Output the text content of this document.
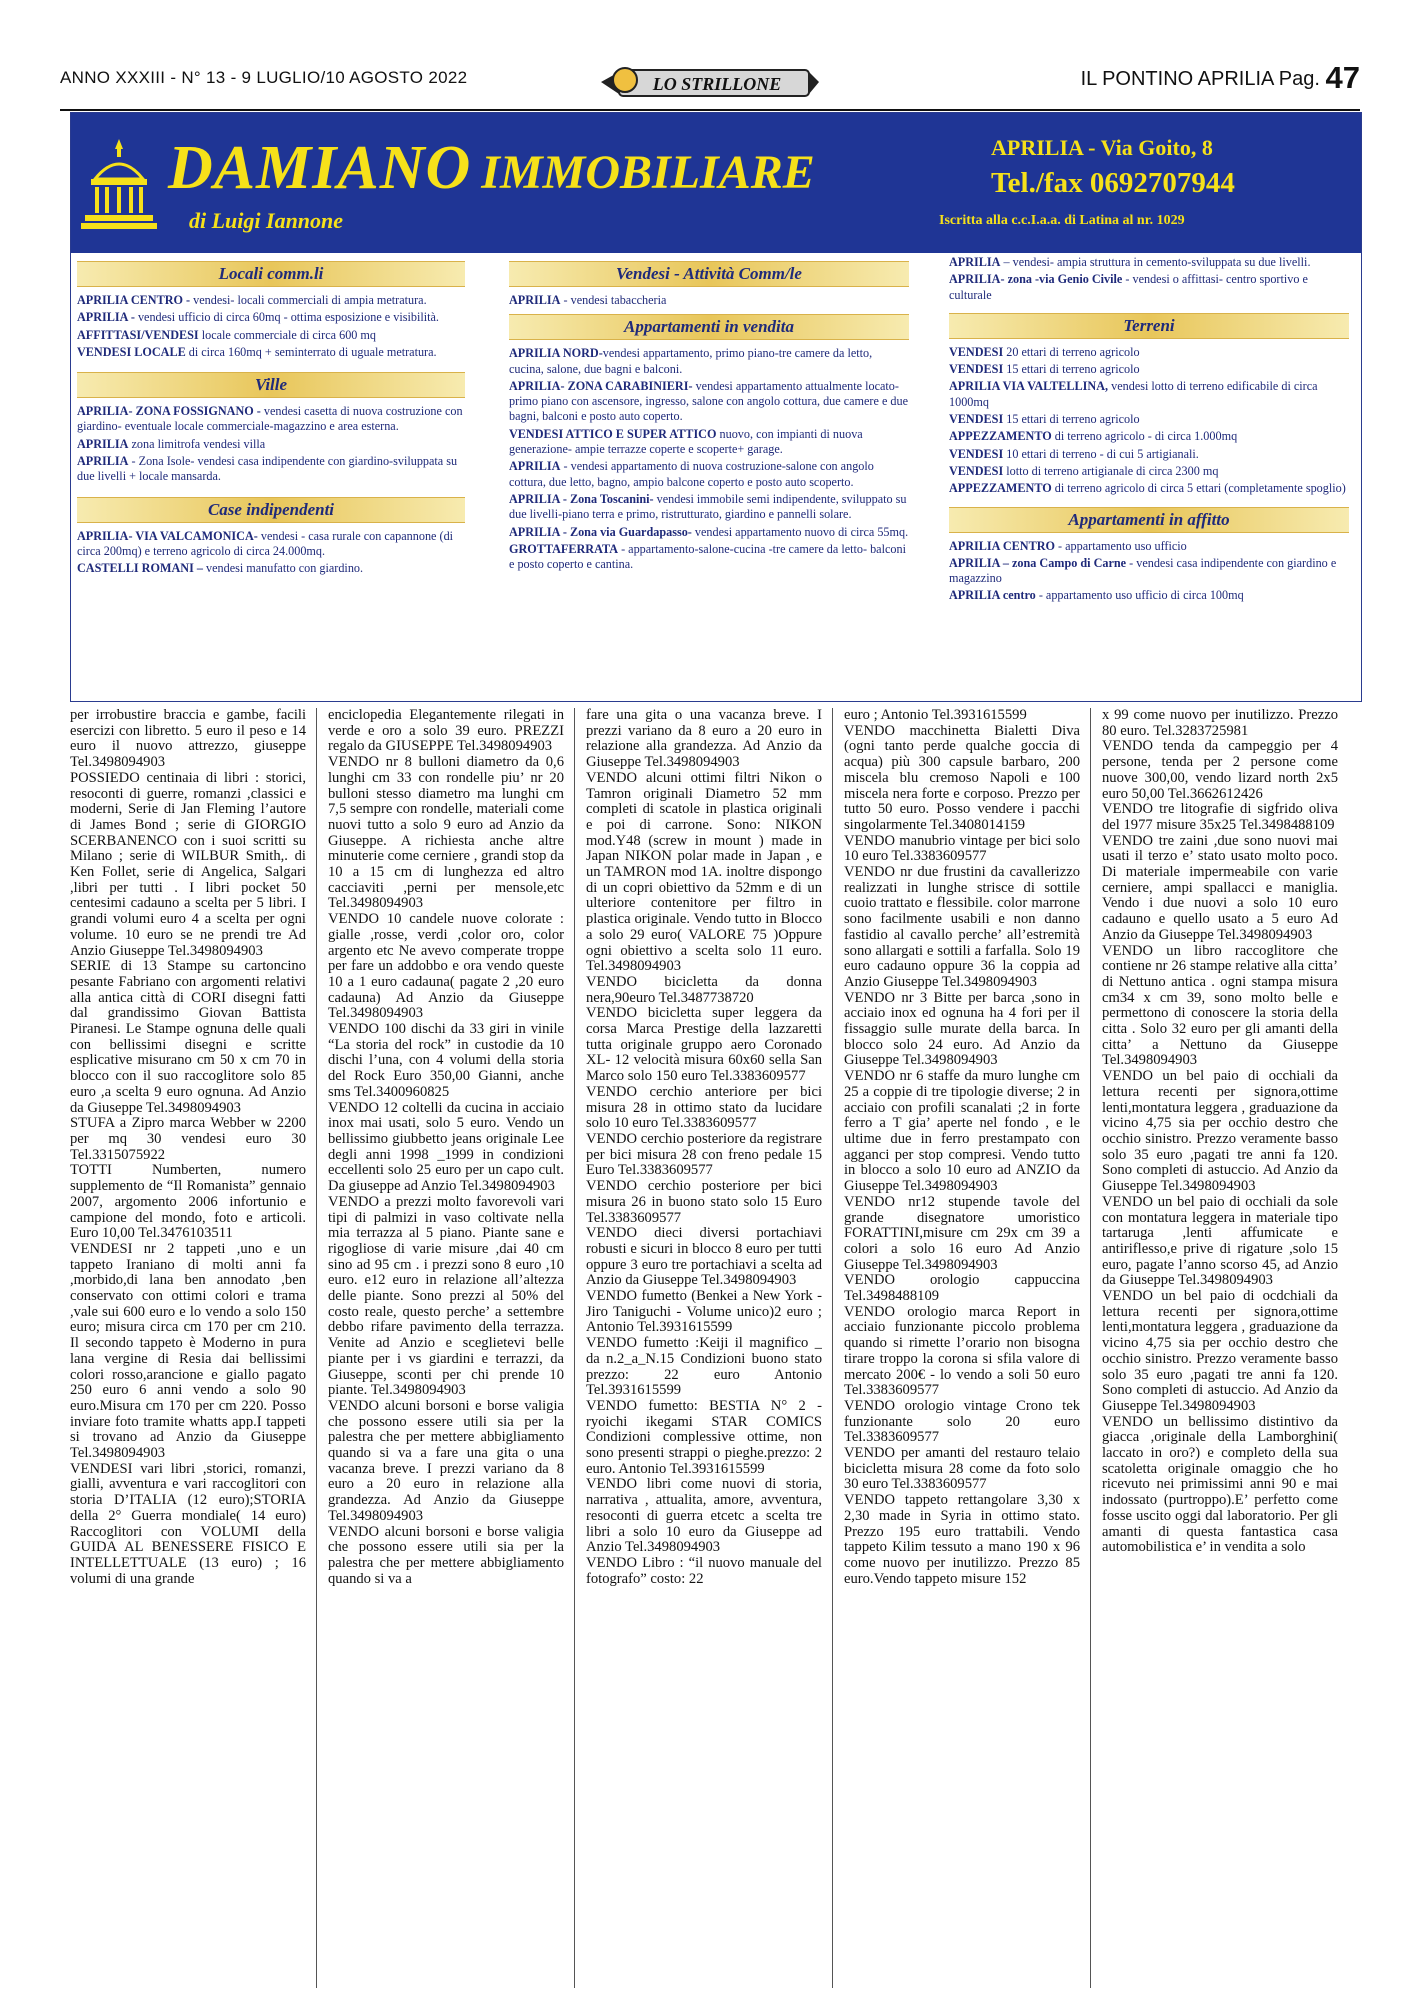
ANNO XXXIII - N° 13 - 9 LUGLIO/10 AGOSTO 2022	LO STRILLONE	IL PONTINO APRILIA Pag. 47
DAMIANO IMMOBILIARE
di Luigi Iannone
APRILIA - Via Goito, 8
Tel./fax 0692707944
Iscritta alla c.c.I.a.a. di Latina al nr. 1029
Locali comm.li

APRILIA CENTRO - vendesi- locali commerciali di ampia metratura.

APRILIA - vendesi ufficio di circa 60mq - ottima esposizione e visibilità.

AFFITTASI/VENDESI locale commerciale di circa 600 mq

VENDESI LOCALE di circa 160mq + seminterrato di uguale metratura.

Ville

APRILIA- ZONA FOSSIGNANO - vendesi casetta di nuova costruzione con giardino- eventuale locale commerciale-magazzino e area esterna.

APRILIA zona limitrofa vendesi villa

APRILIA - Zona Isole- vendesi casa indipendente con giardino-sviluppata su due livelli + locale mansarda.

Case indipendenti

APRILIA- VIA VALCAMONICA- vendesi - casa rurale con capannone (di circa 200mq) e terreno agricolo di circa 24.000mq.

CASTELLI ROMANI – vendesi manufatto con giardino.

Vendesi - Attività Comm/le

APRILIA - vendesi tabaccheria

Appartamenti in vendita

APRILIA NORD-vendesi appartamento, primo piano-tre camere da letto, cucina, salone, due bagni e balconi.

APRILIA- ZONA CARABINIERI- vendesi appartamento attualmente locato-primo piano con ascensore, ingresso, salone con angolo cottura, due camere e due bagni, balconi e posto auto coperto.

VENDESI ATTICO E SUPER ATTICO nuovo, con impianti di nuova generazione- ampie terrazze coperte e scoperte+ garage.

APRILIA - vendesi appartamento di nuova costruzione-salone con angolo cottura, due letto, bagno, ampio balcone coperto e posto auto scoperto.

APRILIA - Zona Toscanini- vendesi immobile semi indipendente, sviluppato su due livelli-piano terra e primo, ristrutturato, giardino e pannelli solare.

APRILIA - Zona via Guardapasso- vendesi appartamento nuovo di circa 55mq.

GROTTAFERRATA - appartamento-salone-cucina -tre camere da letto- balconi e posto coperto e cantina.

APRILIA – vendesi- ampia struttura in cemento-sviluppata su due livelli.

APRILIA- zona -via Genio Civile - vendesi o affittasi- centro sportivo e culturale

Terreni

VENDESI 20 ettari di terreno agricolo

VENDESI 15 ettari di terreno agricolo

APRILIA VIA VALTELLINA, vendesi lotto di terreno edificabile di circa 1000mq

VENDESI 15 ettari di terreno agricolo

APPEZZAMENTO di terreno agricolo - di circa 1.000mq

VENDESI 10 ettari di terreno - di cui 5 artigianali.

VENDESI lotto di terreno artigianale di circa 2300 mq

APPEZZAMENTO di terreno agricolo di circa 5 ettari (completamente spoglio)

Appartamenti in affitto

APRILIA CENTRO - appartamento uso ufficio

APRILIA – zona Campo di Carne - vendesi casa indipendente con giardino e magazzino

APRILIA centro - appartamento uso ufficio di circa 100mq

per irrobustire braccia e gambe, facili esercizi con libretto. 5 euro il peso e 14 euro il nuovo attrezzo, giuseppe Tel.3498094903

POSSIEDO centinaia di libri : storici, resoconti di guerre, romanzi ,classici e moderni, Serie di Jan Fleming l’autore di James Bond ; serie di GIORGIO SCERBANENCO con i suoi scritti su Milano ; serie di WILBUR Smith,. di Ken Follet, serie di Angelica, Salgari ,libri per tutti . I libri pocket 50 centesimi cadauno a scelta per 5 libri. I grandi volumi euro 4 a scelta per ogni volume. 10 euro se ne prendi tre Ad Anzio Giuseppe Tel.3498094903

SERIE di 13 Stampe su cartoncino pesante Fabriano con argomenti relativi alla antica città di CORI disegni fatti dal grandissimo Giovan Battista Piranesi. Le Stampe ognuna delle quali con bellissimi disegni e scritte esplicative misurano cm 50 x cm 70 in blocco con il suo raccoglitore solo 85 euro ,a scelta 9 euro ognuna. Ad Anzio da Giuseppe Tel.3498094903

STUFA a Zipro marca Webber w 2200 per mq 30 vendesi euro 30 Tel.3315075922

TOTTI Numberten, numero supplemento de “Il Romanista” gennaio 2007, argomento 2006 infortunio e campione del mondo, foto e articoli. Euro 10,00 Tel.3476103511

VENDESI nr 2 tappeti ,uno e un tappeto Iraniano di molti anni fa ,morbido,di lana ben annodato ,ben conservato con ottimi colori e trama ,vale sui 600 euro e lo vendo a solo 150 euro; misura circa cm 170 per cm 210. Il secondo tappeto è Moderno in pura lana vergine di Resia dai bellissimi colori rosso,arancione e giallo pagato 250 euro 6 anni vendo a solo 90 euro.Misura cm 170 per cm 220. Posso inviare foto tramite whatts app.I tappeti si trovano ad Anzio da Giuseppe Tel.3498094903

VENDESI vari libri ,storici, romanzi, gialli, avventura e vari raccoglitori con storia D’ITALIA (12 euro);STORIA della 2° Guerra mondiale( 14 euro) Raccoglitori con VOLUMI della GUIDA AL BENESSERE FISICO E INTELLETTUALE (13 euro) ; 16 volumi di una grande

enciclopedia Elegantemente rilegati in verde e oro a solo 39 euro. PREZZI regalo da GIUSEPPE Tel.3498094903

VENDO nr 8 bulloni diametro da 0,6 lunghi cm 33 con rondelle piu’ nr 20 bulloni stesso diametro ma lunghi cm 7,5 sempre con rondelle, materiali come nuovi tutto a solo 9 euro ad Anzio da Giuseppe. A richiesta anche altre minuterie come cerniere , grandi stop da 10 a 15 cm di lunghezza ed altro cacciaviti ,perni per mensole,etc Tel.3498094903

VENDO 10 candele nuove colorate : gialle ,rosse, verdi ,color oro, color argento etc Ne avevo comperate troppe per fare un addobbo e ora vendo queste 10 a 1 euro cadauna( pagate 2 ,20 euro cadauna) Ad Anzio da Giuseppe Tel.3498094903

VENDO 100 dischi da 33 giri in vinile “La storia del rock” in custodie da 10 dischi l’una, con 4 volumi della storia del Rock Euro 350,00 Gianni, anche sms Tel.3400960825

VENDO 12 coltelli da cucina in acciaio inox mai usati, solo 5 euro. Vendo un bellissimo giubbetto jeans originale Lee degli anni 1998 _1999 in condizioni eccellenti solo 25 euro per un capo cult. Da giuseppe ad Anzio Tel.3498094903

VENDO a prezzi molto favorevoli vari tipi di palmizi in vaso coltivate nella mia terrazza al 5 piano. Piante sane e rigogliose di varie misure ,dai 40 cm sino ad 95 cm . i prezzi sono 8 euro ,10 euro. e12 euro in relazione all’altezza delle piante. Sono prezzi al 50% del costo reale, questo perche’ a settembre debbo rifare pavimento della terrazza. Venite ad Anzio e sceglietevi belle piante per i vs giardini e terrazzi, da Giuseppe, sconti per chi prende 10 piante. Tel.3498094903

VENDO alcuni borsoni e borse valigia che possono essere utili sia per la palestra che per mettere abbigliamento quando si va a fare una gita o una vacanza breve. I prezzi variano da 8 euro a 20 euro in relazione alla grandezza. Ad Anzio da Giuseppe Tel.3498094903

VENDO alcuni borsoni e borse valigia che possono essere utili sia per la palestra che per mettere abbigliamento quando si va a

fare una gita o una vacanza breve. I prezzi variano da 8 euro a 20 euro in relazione alla grandezza. Ad Anzio da Giuseppe Tel.3498094903

VENDO alcuni ottimi filtri Nikon o Tamron originali Diametro 52 mm completi di scatole in plastica originali e poi di carrone. Sono: NIKON mod.Y48 (screw in mount ) made in Japan NIKON polar made in Japan , e un TAMRON mod 1A. inoltre dispongo di un copri obiettivo da 52mm e di un ulteriore contenitore per filtro in plastica originale. Vendo tutto in Blocco a solo 29 euro( VALORE 75 )Oppure ogni obiettivo a scelta solo 11 euro. Tel.3498094903

VENDO bicicletta da donna nera,90euro Tel.3487738720

VENDO bicicletta super leggera da corsa Marca Prestige della lazzaretti tutta originale gruppo aero Coronado XL- 12 velocità misura 60x60 sella San Marco solo 150 euro Tel.3383609577

VENDO cerchio anteriore per bici misura 28 in ottimo stato da lucidare solo 10 euro Tel.3383609577

VENDO cerchio posteriore da registrare per bici misura 28 con freno pedale 15 Euro Tel.3383609577

VENDO cerchio posteriore per bici misura 26 in buono stato solo 15 Euro Tel.3383609577

VENDO dieci diversi portachiavi robusti e sicuri in blocco 8 euro per tutti oppure 3 euro tre portachiavi a scelta ad Anzio da Giuseppe Tel.3498094903

VENDO fumetto (Benkei a New York - Jiro Taniguchi - Volume unico)2 euro ; Antonio Tel.3931615599

VENDO fumetto :Keiji il magnifico _ da n.2_a_N.15 Condizioni buono stato prezzo: 22 euro Antonio Tel.3931615599

VENDO fumetto: BESTIA N° 2 - ryoichi ikegami STAR COMICS Condizioni complessive ottime, non sono presenti strappi o pieghe.prezzo: 2 euro. Antonio Tel.3931615599

VENDO libri come nuovi di storia, narrativa , attualita, amore, avventura, resoconti di guerra etcetc a scelta tre libri a solo 10 euro da Giuseppe ad Anzio Tel.3498094903

VENDO Libro : “il nuovo manuale del fotografo” costo: 22

euro ; Antonio Tel.3931615599

VENDO macchinetta Bialetti Diva (ogni tanto perde qualche goccia di acqua) più 300 capsule barbaro, 200 miscela blu cremoso Napoli e 100 miscela nera forte e corposo. Prezzo per tutto 50 euro. Posso vendere i pacchi singolarmente Tel.3408014159

VENDO manubrio vintage per bici solo 10 euro Tel.3383609577

VENDO nr due frustini da cavallerizzo realizzati in lunghe strisce di sottile cuoio trattato e flessibile. color marrone sono facilmente usabili e non danno fastidio al cavallo perche’ all’estremità sono allargati e sottili a farfalla. Solo 19 euro cadauno oppure 36 la coppia ad Anzio Giuseppe Tel.3498094903

VENDO nr 3 Bitte per barca ,sono in acciaio inox ed ognuna ha 4 fori per il fissaggio sulle murate della barca. In blocco solo 24 euro. Ad Anzio da Giuseppe Tel.3498094903

VENDO nr 6 staffe da muro lunghe cm 25 a coppie di tre tipologie diverse; 2 in acciaio con profili scanalati ;2 in forte ferro a T gia’ aperte nel fondo , e le ultime due in ferro prestampato con agganci per stop compresi. Vendo tutto in blocco a solo 10 euro ad ANZIO da Giuseppe Tel.3498094903

VENDO nr12 stupende tavole del grande disegnatore umoristico FORATTINI,misure cm 29x cm 39 a colori a solo 16 euro Ad Anzio Giuseppe Tel.3498094903

VENDO orologio cappuccina Tel.3498488109

VENDO orologio marca Report in acciaio funzionante piccolo problema quando si rimette l’orario non bisogna tirare troppo la corona si sfila valore di mercato 200€ - lo vendo a soli 50 euro Tel.3383609577

VENDO orologio vintage Crono tek funzionante solo 20 euro Tel.3383609577

VENDO per amanti del restauro telaio bicicletta misura 28 come da foto solo 30 euro Tel.3383609577

VENDO tappeto rettangolare 3,30 x 2,30 made in Syria in ottimo stato. Prezzo 195 euro trattabili. Vendo tappeto Kilim tessuto a mano 190 x 96 come nuovo per inutilizzo. Prezzo 85 euro.Vendo tappeto misure 152

x 99 come nuovo per inutilizzo. Prezzo 80 euro. Tel.3283725981

VENDO tenda da campeggio per 4 persone, tenda per 2 persone come nuove 300,00, vendo lizard north 2x5 euro 50,00 Tel.3662612426

VENDO tre litografie di sigfrido oliva del 1977 misure 35x25 Tel.3498488109

VENDO tre zaini ,due sono nuovi mai usati il terzo e’ stato usato molto poco. Di materiale impermeabile con varie cerniere, ampi spallacci e maniglia. Vendo i due nuovi a solo 10 euro cadauno e quello usato a 5 euro Ad Anzio da Giuseppe Tel.3498094903

VENDO un libro raccoglitore che contiene nr 26 stampe relative alla citta’ di Nettuno antica . ogni stampa misura cm34 x cm 39, sono molto belle e permettono di conoscere la storia della citta . Solo 32 euro per gli amanti della citta’ a Nettuno da Giuseppe Tel.3498094903

VENDO un bel paio di occhiali da lettura recenti per signora,ottime lenti,montatura leggera , graduazione da vicino 4,75 sia per occhio destro che occhio sinistro. Prezzo veramente basso solo 35 euro ,pagati tre anni fa 120. Sono completi di astuccio. Ad Anzio da Giuseppe Tel.3498094903

VENDO un bel paio di occhiali da sole con montatura leggera in materiale tipo tartaruga ,lenti affumicate e antiriflesso,e prive di rigature ,solo 15 euro, pagate l’anno scorso 45, ad Anzio da Giuseppe Tel.3498094903

VENDO un bel paio di ocdchiali da lettura recenti per signora,ottime lenti,montatura leggera , graduazione da vicino 4,75 sia per occhio destro che occhio sinistro. Prezzo veramente basso solo 35 euro ,pagati tre anni fa 120. Sono completi di astuccio. Ad Anzio da Giuseppe Tel.3498094903

VENDO un bellissimo distintivo da giacca ,originale della Lamborghini( laccato in oro?) e completo della sua scatoletta originale omaggio che ho ricevuto nei primissimi anni 90 e mai indossato (purtroppo).E’ perfetto come fosse uscito oggi dal laboratorio. Per gli amanti di questa fantastica casa automobilistica e’ in vendita a solo
